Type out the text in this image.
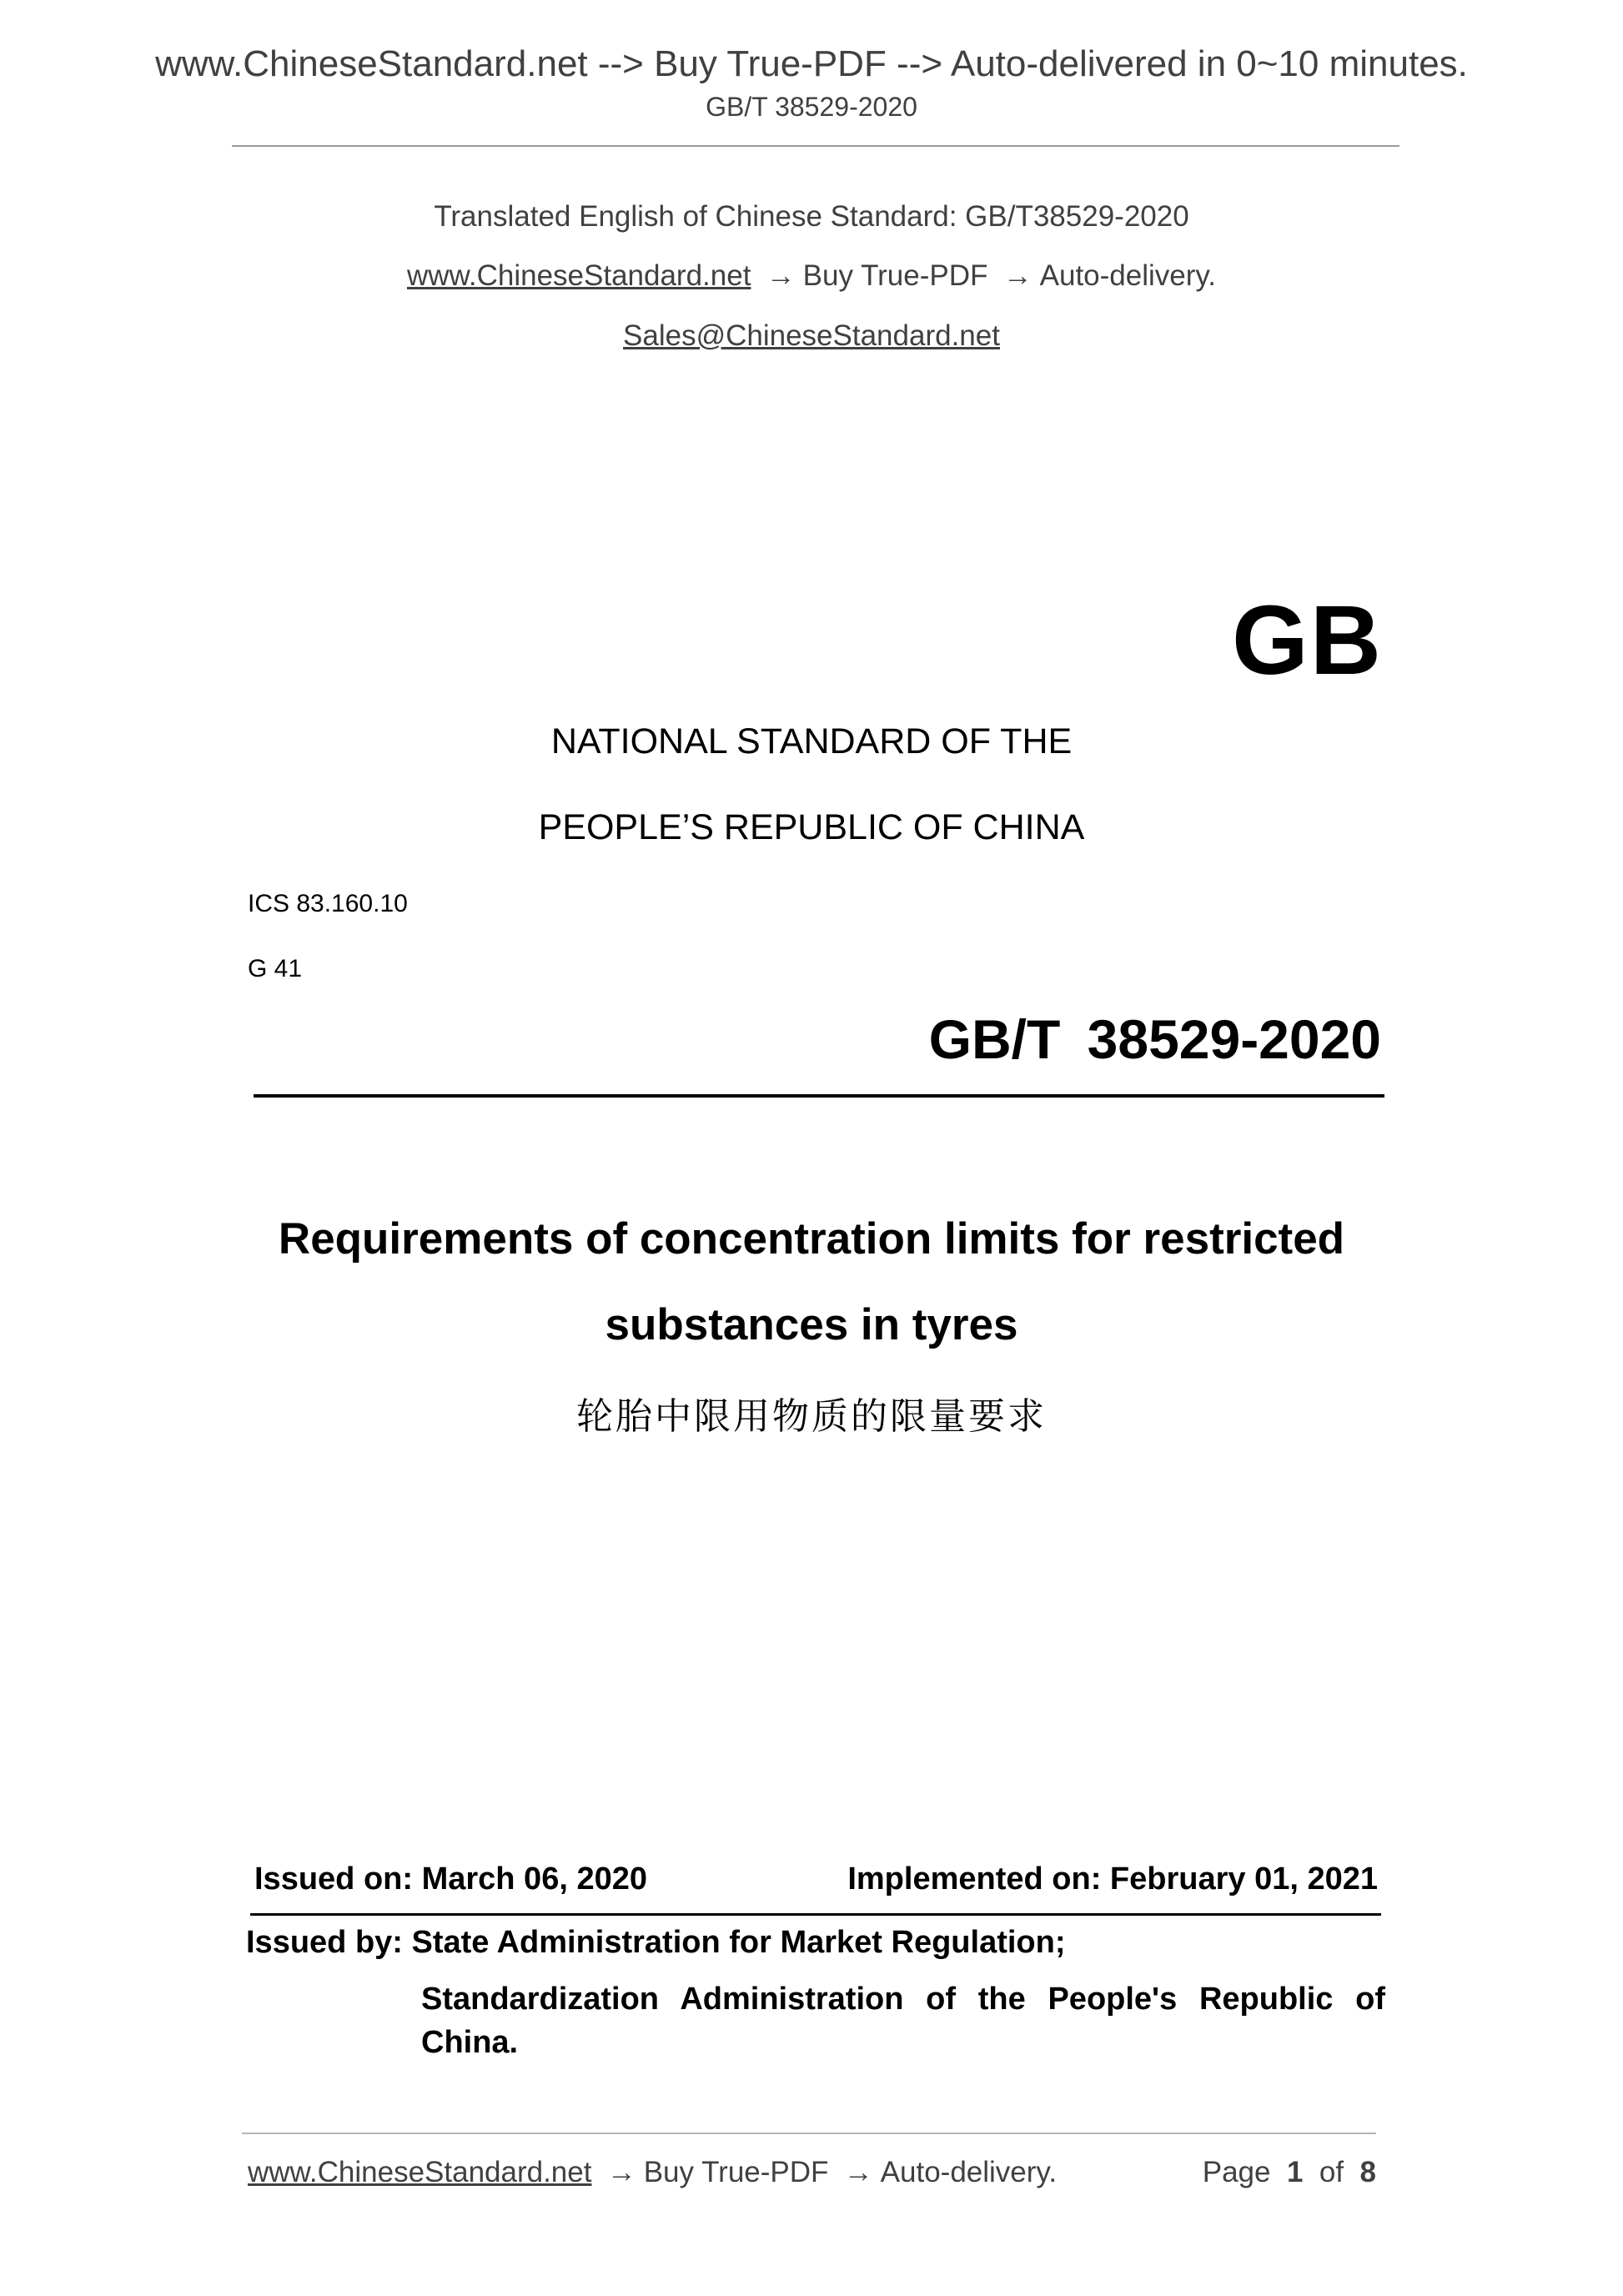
www.ChineseStandard.net --> Buy True-PDF --> Auto-delivered in 0~10 minutes.
GB/T 38529-2020
Translated English of Chinese Standard: GB/T38529-2020
www.ChineseStandard.net → Buy True-PDF → Auto-delivery.
Sales@ChineseStandard.net
GB
NATIONAL STANDARD OF THE
PEOPLE’S REPUBLIC OF CHINA
ICS 83.160.10
G 41
GB/T 38529-2020
Requirements of concentration limits for restricted
substances in tyres
轮胎中限用物质的限量要求
Issued on: March 06, 2020	Implemented on: February 01, 2021
Issued by: State Administration for Market Regulation;
Standardization Administration of the People's Republic of
China.
www.ChineseStandard.net → Buy True-PDF → Auto-delivery.	Page 1 of 8
